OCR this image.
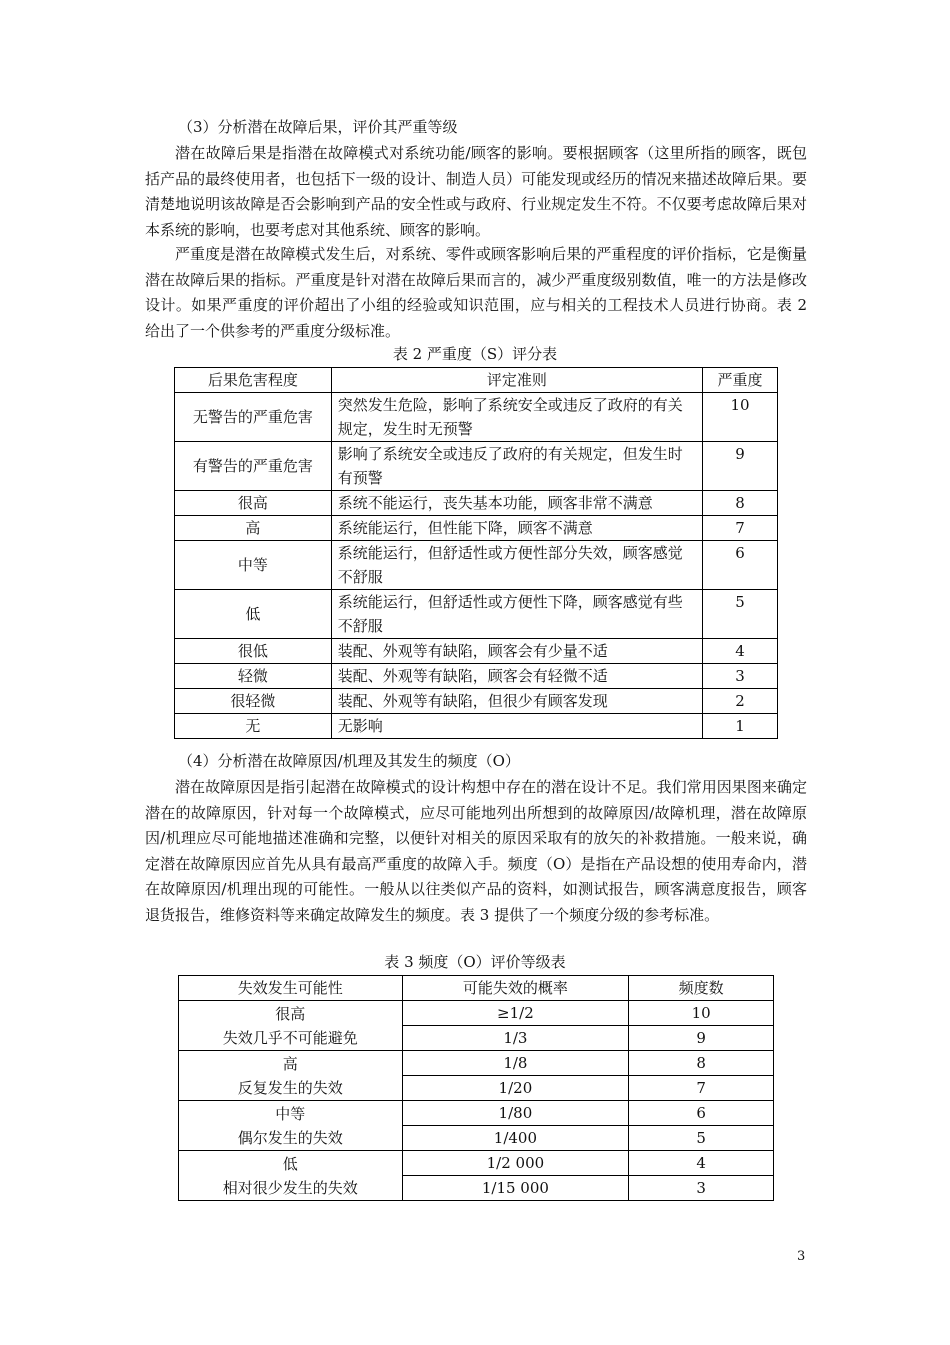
（3）分析潜在故障后果，评价其严重等级

潜在故障后果是指潜在故障模式对系统功能/顾客的影响。要根据顾客（这里所指的顾客，既包括产品的最终使用者，也包括下一级的设计、制造人员）可能发现或经历的情况来描述故障后果。要清楚地说明该故障是否会影响到产品的安全性或与政府、行业规定发生不符。不仅要考虑故障后果对本系统的影响，也要考虑对其他系统、顾客的影响。

严重度是潜在故障模式发生后，对系统、零件或顾客影响后果的严重程度的评价指标，它是衡量潜在故障后果的指标。严重度是针对潜在故障后果而言的，减少严重度级别数值，唯一的方法是修改设计。如果严重度的评价超出了小组的经验或知识范围，应与相关的工程技术人员进行协商。表 2 给出了一个供参考的严重度分级标准。

表 2 严重度（S）评分表

后果危害程度	评定准则	严重度
无警告的严重危害	突然发生危险，影响了系统安全或违反了政府的有关规定，发生时无预警	10
有警告的严重危害	影响了系统安全或违反了政府的有关规定，但发生时有预警	9
很高	系统不能运行，丧失基本功能，顾客非常不满意	8
高	系统能运行，但性能下降，顾客不满意	7
中等	系统能运行，但舒适性或方便性部分失效，顾客感觉不舒服	6
低	系统能运行，但舒适性或方便性下降，顾客感觉有些不舒服	5
很低	装配、外观等有缺陷，顾客会有少量不适	4
轻微	装配、外观等有缺陷，顾客会有轻微不适	3
很轻微	装配、外观等有缺陷，但很少有顾客发现	2
无	无影响	1

（4）分析潜在故障原因/机理及其发生的频度（O）

潜在故障原因是指引起潜在故障模式的设计构想中存在的潜在设计不足。我们常用因果图来确定潜在的故障原因，针对每一个故障模式，应尽可能地列出所想到的故障原因/故障机理，潜在故障原因/机理应尽可能地描述准确和完整，以便针对相关的原因采取有的放矢的补救措施。一般来说，确定潜在故障原因应首先从具有最高严重度的故障入手。频度（O）是指在产品设想的使用寿命内，潜在故障原因/机理出现的可能性。一般从以往类似产品的资料，如测试报告，顾客满意度报告，顾客退货报告，维修资料等来确定故障发生的频度。表 3 提供了一个频度分级的参考标准。

表 3 频度（O）评价等级表

失效发生可能性	可能失效的概率	频度数

很高
失效几乎不可能避免	≥1/2	10
	1/3	9

高
反复发生的失效	1/8	8
	1/20	7

中等
偶尔发生的失效	1/80	6
	1/400	5

低
相对很少发生的失效	1/2 000	4
	1/15 000	3

3
